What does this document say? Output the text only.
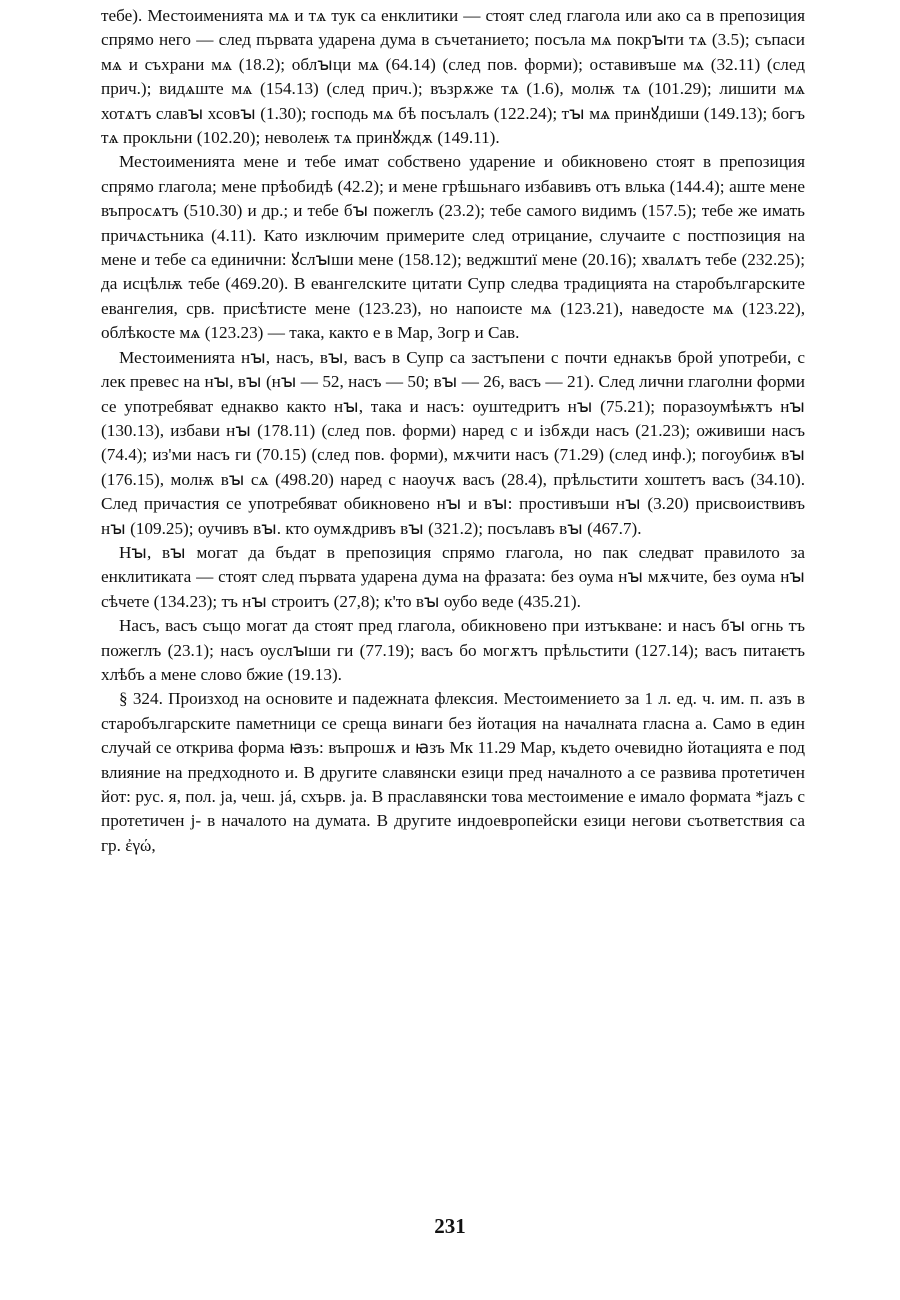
тебе). Местоименията мѧ и тѧ тук са енклитики — стоят след глагола или ако са в препозиция спрямо него — след първата ударена дума в съчетанието; посъла мѧ покрꙑти тѧ (3.5); съпаси мѧ и съхрани мѧ (18.2); облꙑци мѧ (64.14) (след пов. форми); оставивъше мѧ (32.11) (след прич.); видѧште мѧ (154.13) (след прич.); възрѫже тѧ (1.6), молѭ тѧ (101.29); лишити мѧ хотѧтъ славꙑ хсовꙑ (1.30); господь мѧ бѣ посълалъ (122.24); тꙑ мѧ принꙋдиши (149.13); богъ тѧ прокльни (102.20); неволеѭ тѧ принꙋждѫ (149.11).

Местоименията мене и тебе имат собствено ударение и обикновено стоят в препозиция спрямо глагола; мене прѣобидѣ (42.2); и мене грѣшьнаго избавивъ отъ влька (144.4); аште мене въпросѧтъ (510.30) и др.; и тебе бꙑ пожеглъ (23.2); тебе самого видимъ (157.5); тебе же имать причѧстьника (4.11). Като изключим примерите след отрицание, случаите с постпозиция на мене и тебе са единични: ꙋслꙑши мене (158.12); веджштиї мене (20.16); хвалѧтъ тебе (232.25); да исцѣлѭ тебе (469.20). В евангелските цитати Супр следва традицията на старобългарските евангелия, срв. присѣтисте мене (123.23), но напоисте мѧ (123.21), наведосте мѧ (123.22), облѣкосте мѧ (123.23) — така, както е в Мар, Зогр и Сав.

Местоименията нꙑ, насъ, вꙑ, васъ в Супр са застъпени с почти еднакъв брой употреби, с лек превес на нꙑ, вꙑ (нꙑ — 52, насъ — 50; вꙑ — 26, васъ — 21). След лични глаголни форми се употребяват еднакво както нꙑ, така и насъ: оуштедритъ нꙑ (75.21); поразоумѣѭтъ нꙑ (130.13), избави нꙑ (178.11) (след пов. форми) наред с и ізбѫди насъ (21.23); оживиши насъ (74.4); из'ми насъ ги (70.15) (след пов. форми), мѫчити насъ (71.29) (след инф.); погоубиѭ вꙑ (176.15), молѭ вꙑ сѧ (498.20) наред с наоучѫ васъ (28.4), прѣльстити хоштетъ васъ (34.10). След причастия се употребяват обикновено нꙑ и вꙑ: простивъши нꙑ (3.20) присвоиствивъ нꙑ (109.25); оучивъ вꙑ. кто оумѫдривъ вꙑ (321.2); посълавъ вꙑ (467.7).

Нꙑ, вꙑ могат да бъдат в препозиция спрямо глагола, но пак следват правилото за енклитиката — стоят след първата ударена дума на фразата: без оума нꙑ мѫчите, без оума нꙑ сѣчете (134.23); тъ нꙑ строитъ (27,8); к'то вꙑ оубо веде (435.21).

Насъ, васъ също могат да стоят пред глагола, обикновено при изтъкване: и насъ бꙑ огнь тъ пожеглъ (23.1); насъ оуслꙑши ги (77.19); васъ бо могѫтъ прѣльстити (127.14); васъ питаѥтъ хлѣбъ а мене слово бжие (19.13).

§ 324. Произход на основите и падежната флексия. Местоимението за 1 л. ед. ч. им. п. азъ в старобългарските паметници се среща винаги без йотация на началната гласна а. Само в един случай се открива форма ꙗзъ: въпрошѫ и ꙗзъ Мк 11.29 Мар, където очевидно йотацията е под влияние на предходното и. В другите славянски езици пред началното а се развива протетичен йот: рус. я, пол. ja, чеш. já, схърв. ja. В праславянски това местоимение е имало формата *jazъ с протетичен j- в началото на думата. В другите индоевропейски езици негови съответствия са гр. ἐγώ,

231
